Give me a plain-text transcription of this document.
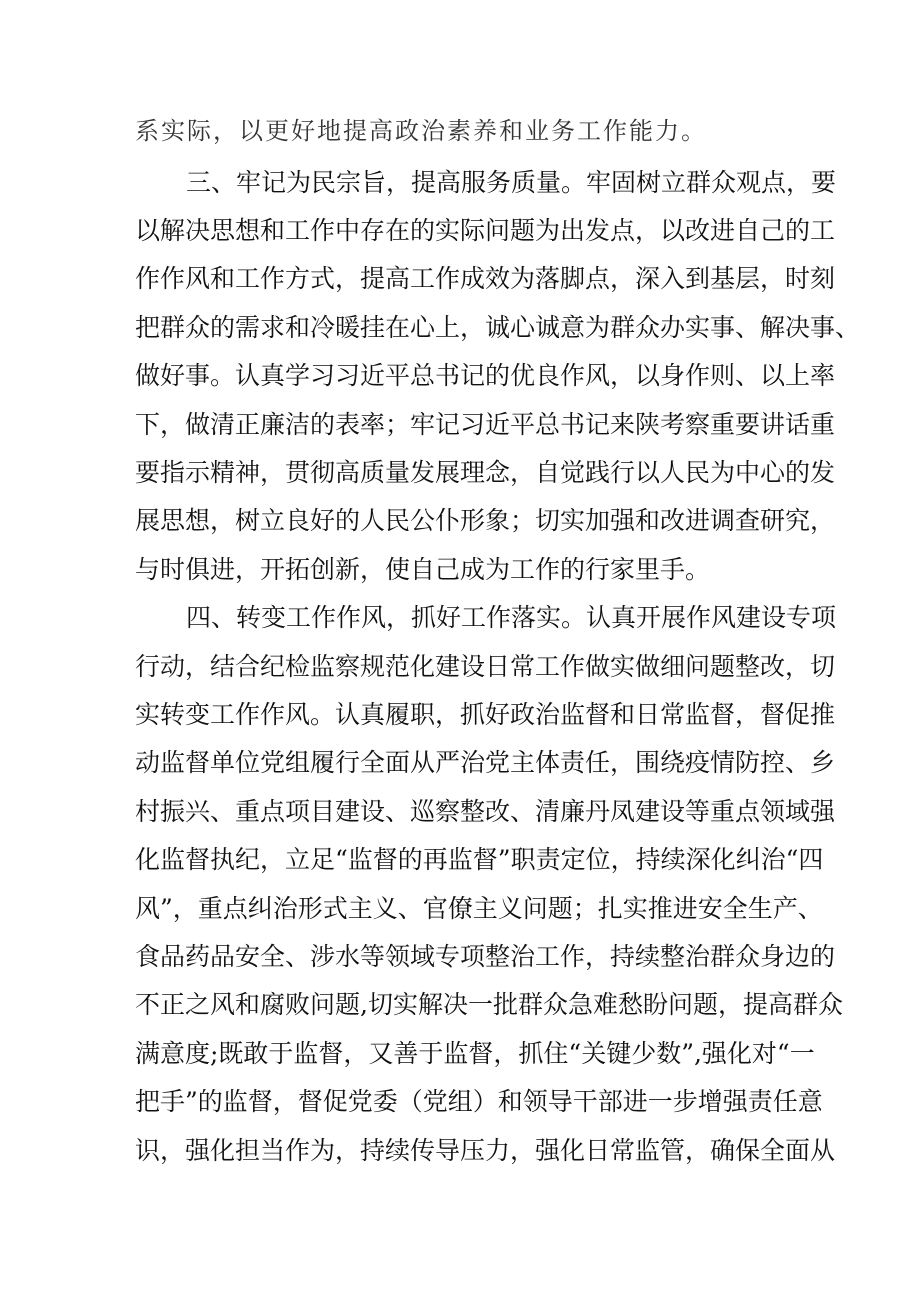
系实际，以更好地提高政治素养和业务工作能力。
三、牢记为民宗旨，提高服务质量。牢固树立群众观点，要
以解决思想和工作中存在的实际问题为出发点，以改进自己的工
作作风和工作方式，提高工作成效为落脚点，深入到基层，时刻
把群众的需求和冷暖挂在心上，诚心诚意为群众办实事、解决事、
做好事。认真学习习近平总书记的优良作风，以身作则、以上率
下，做清正廉洁的表率；牢记习近平总书记来陕考察重要讲话重
要指示精神，贯彻高质量发展理念，自觉践行以人民为中心的发
展思想，树立良好的人民公仆形象；切实加强和改进调查研究，
与时俱进，开拓创新，使自己成为工作的行家里手。
四、转变工作作风，抓好工作落实。认真开展作风建设专项
行动，结合纪检监察规范化建设日常工作做实做细问题整改，切
实转变工作作风。认真履职，抓好政治监督和日常监督，督促推
动监督单位党组履行全面从严治党主体责任，围绕疫情防控、乡
村振兴、重点项目建设、巡察整改、清廉丹凤建设等重点领域强
化监督执纪，立足“监督的再监督”职责定位，持续深化纠治“四
风”，重点纠治形式主义、官僚主义问题；扎实推进安全生产、
食品药品安全、涉水等领域专项整治工作，持续整治群众身边的
不正之风和腐败问题,切实解决一批群众急难愁盼问题，提高群众
满意度;既敢于监督，又善于监督，抓住“关键少数”,强化对“一
把手”的监督，督促党委（党组）和领导干部进一步增强责任意
识，强化担当作为，持续传导压力，强化日常监管，确保全面从
